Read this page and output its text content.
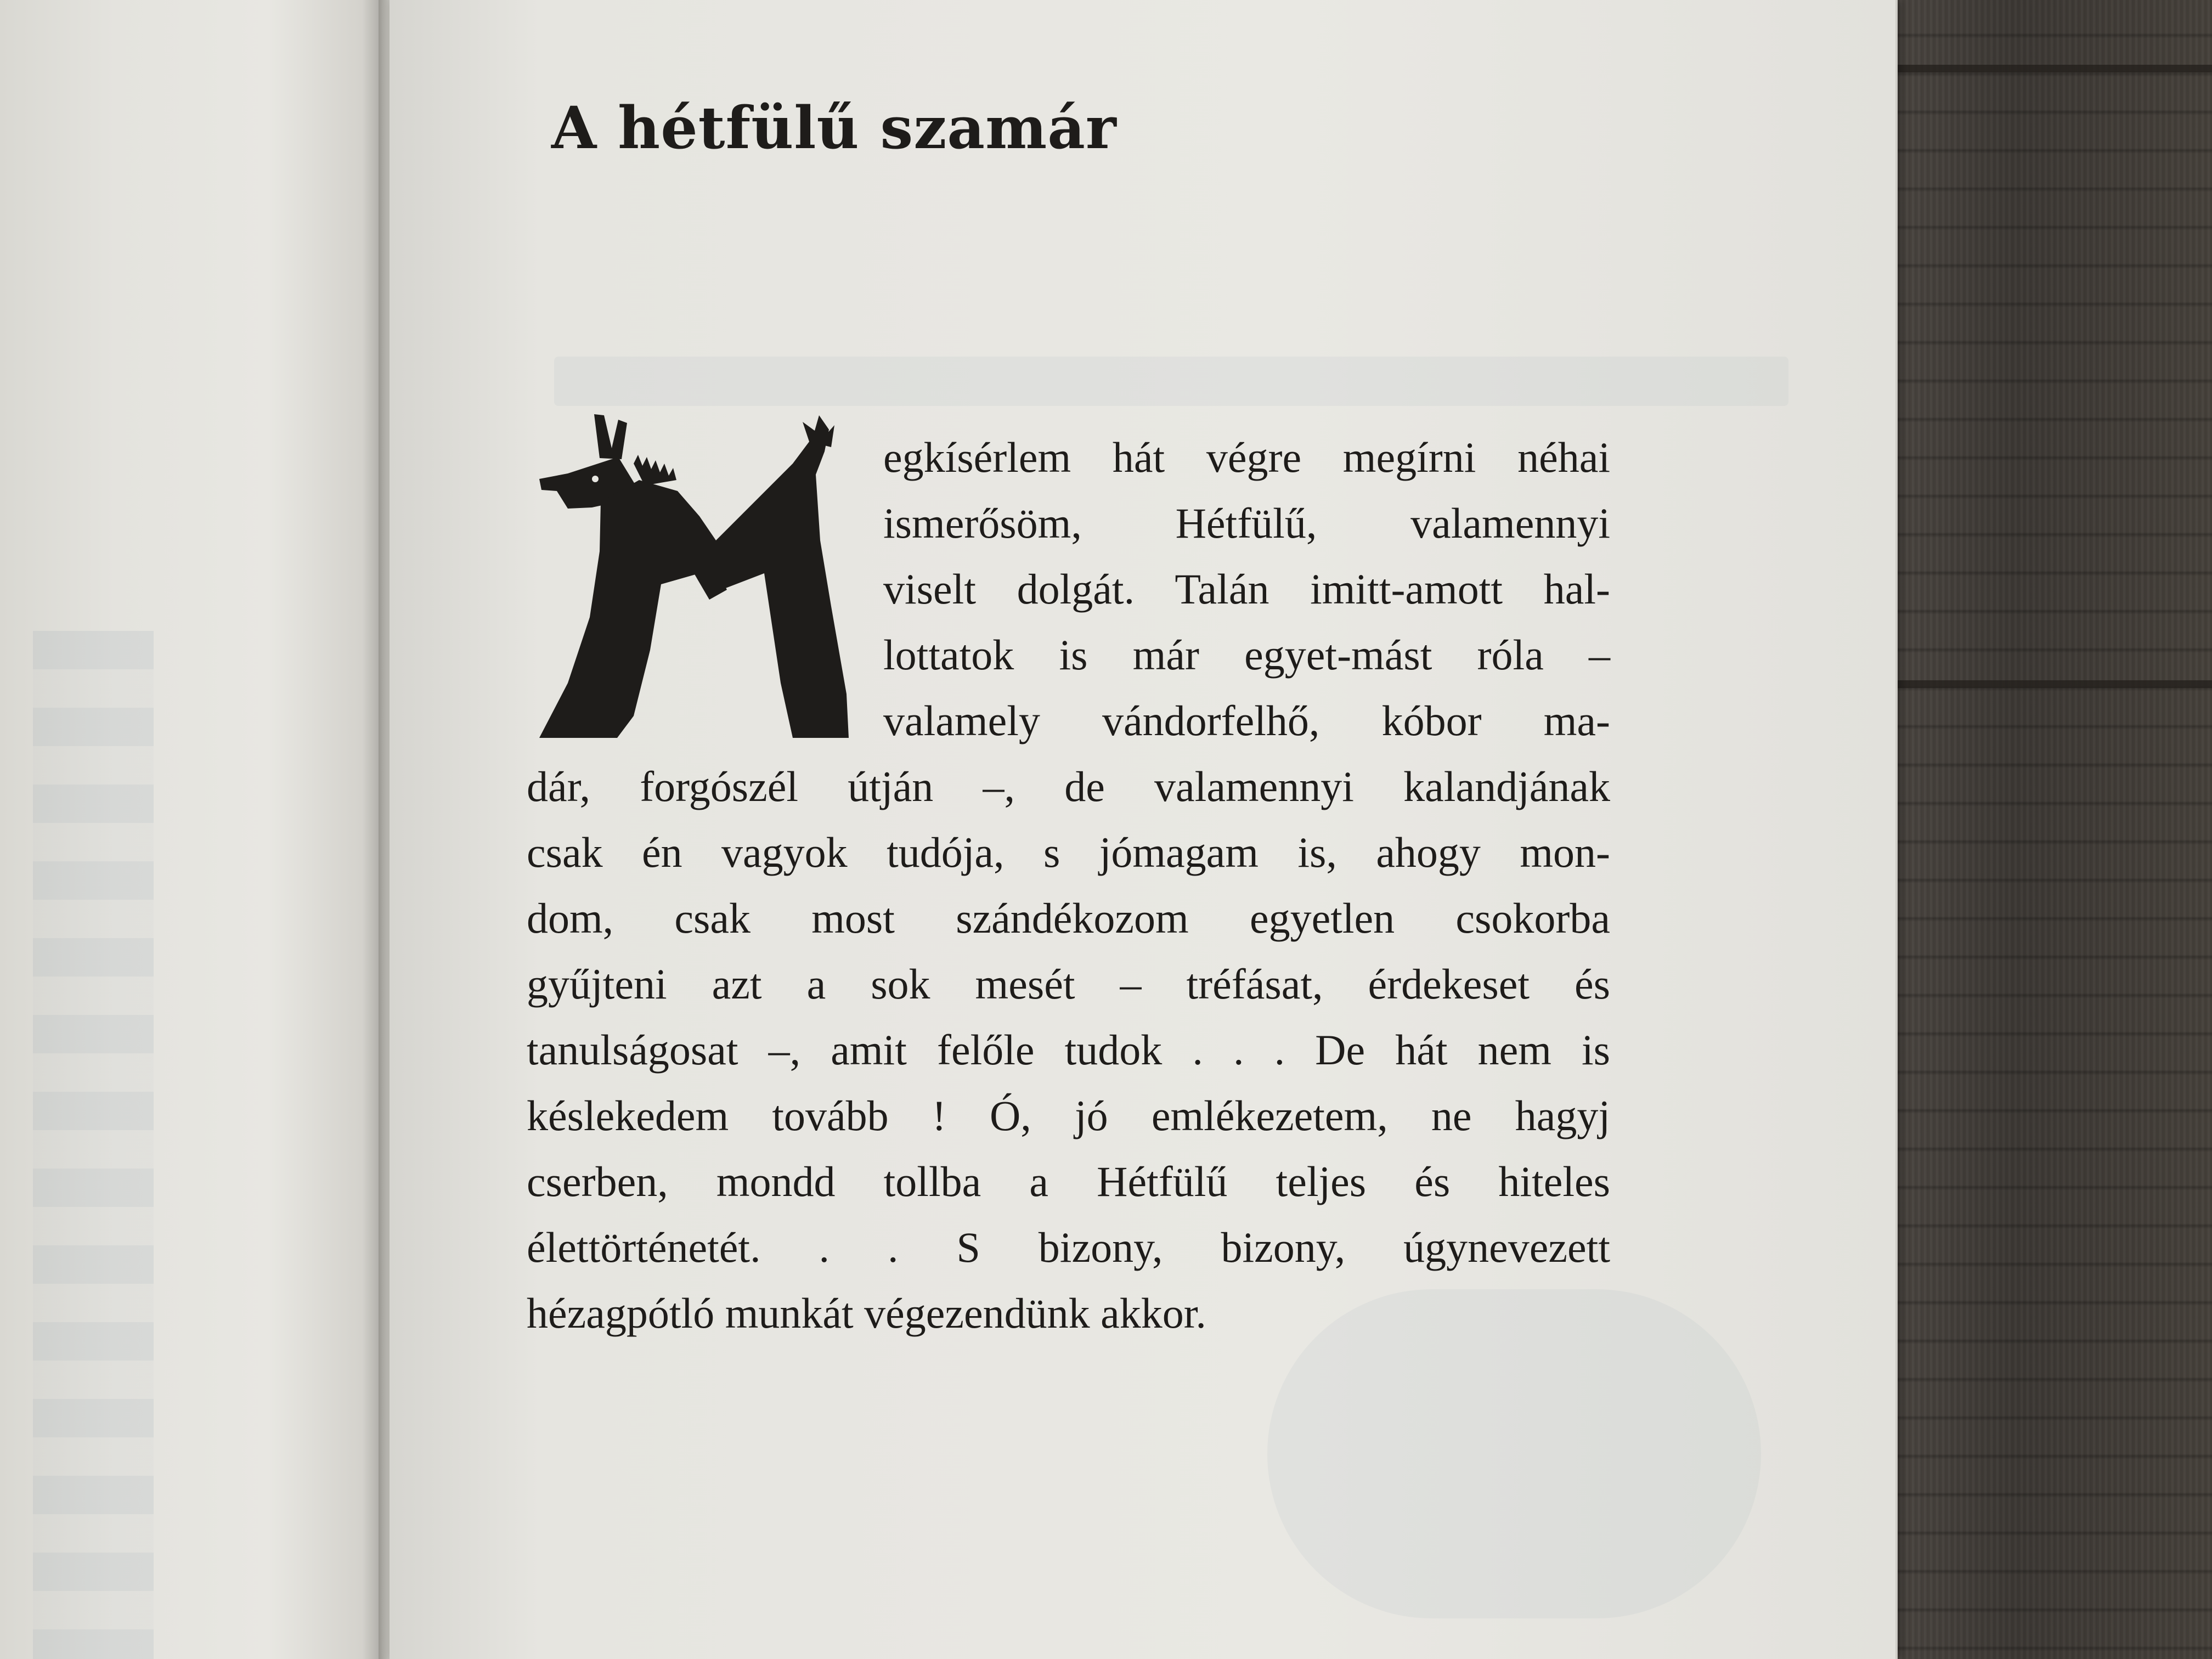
A hétfülű szamár

egkísérlem hát végre megírni néhai

ismerősöm, Hétfülű, valamennyi

viselt dolgát. Talán imitt-amott hal-

lottatok is már egyet-mást róla –

valamely vándorfelhő, kóbor ma-

dár, forgószél útján –, de valamennyi kalandjának

csak én vagyok tudója, s jómagam is, ahogy mon-

dom, csak most szándékozom egyetlen csokorba

gyűjteni azt a sok mesét – tréfásat, érdekeset és

tanulságosat –, amit felőle tudok . . . De hát nem is

késlekedem tovább ! Ó, jó emlékezetem, ne hagyj

cserben, mondd tollba a Hétfülű teljes és hiteles

élettörténetét. . . S bizony, bizony, úgynevezett

hézagpótló munkát végezendünk akkor.
